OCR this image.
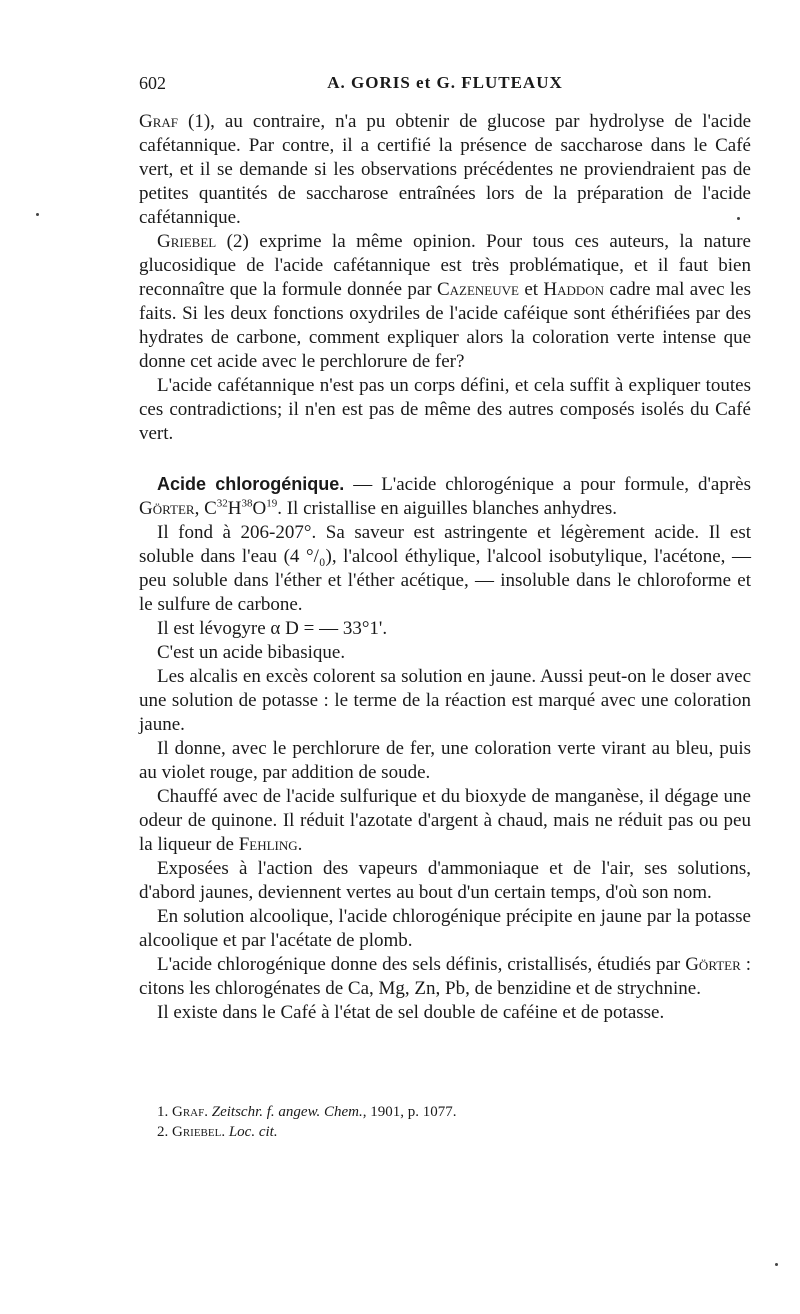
602	A. GORIS et G. FLUTEAUX

Graf (1), au contraire, n'a pu obtenir de glucose par hydrolyse de l'acide cafétannique. Par contre, il a certifié la présence de saccharose dans le Café vert, et il se demande si les observations précédentes ne proviendraient pas de petites quantités de saccharose entraînées lors de la préparation de l'acide cafétannique.

Griebel (2) exprime la même opinion. Pour tous ces auteurs, la nature glucosidique de l'acide cafétannique est très problématique, et il faut bien reconnaître que la formule donnée par Cazeneuve et Haddon cadre mal avec les faits. Si les deux fonctions oxydriles de l'acide caféique sont éthérifiées par des hydrates de carbone, comment expliquer alors la coloration verte intense que donne cet acide avec le perchlorure de fer?

L'acide cafétannique n'est pas un corps défini, et cela suffit à expliquer toutes ces contradictions; il n'en est pas de même des autres composés isolés du Café vert.

Acide chlorogénique. — L'acide chlorogénique a pour formule, d'après Görter, $C^{32}H^{38}O^{19}$. Il cristallise en aiguilles blanches anhydres.

Il fond à 206-207°. Sa saveur est astringente et légèrement acide. Il est soluble dans l'eau (4 °/₀), l'alcool éthylique, l'alcool isobutylique, l'acétone, — peu soluble dans l'éther et l'éther acétique, — insoluble dans le chloroforme et le sulfure de carbone.

Il est lévogyre α D = — 33°1'.

C'est un acide bibasique.

Les alcalis en excès colorent sa solution en jaune. Aussi peut-on le doser avec une solution de potasse : le terme de la réaction est marqué avec une coloration jaune.

Il donne, avec le perchlorure de fer, une coloration verte virant au bleu, puis au violet rouge, par addition de soude.

Chauffé avec de l'acide sulfurique et du bioxyde de manganèse, il dégage une odeur de quinone. Il réduit l'azotate d'argent à chaud, mais ne réduit pas ou peu la liqueur de Fehling.

Exposées à l'action des vapeurs d'ammoniaque et de l'air, ses solutions, d'abord jaunes, deviennent vertes au bout d'un certain temps, d'où son nom.

En solution alcoolique, l'acide chlorogénique précipite en jaune par la potasse alcoolique et par l'acétate de plomb.

L'acide chlorogénique donne des sels définis, cristallisés, étudiés par Görter : citons les chlorogénates de Ca, Mg, Zn, Pb, de benzidine et de strychnine.

Il existe dans le Café à l'état de sel double de caféine et de potasse.

1. Graf. Zeitschr. f. angew. Chem., 1901, p. 1077.

2. Griebel. Loc. cit.
